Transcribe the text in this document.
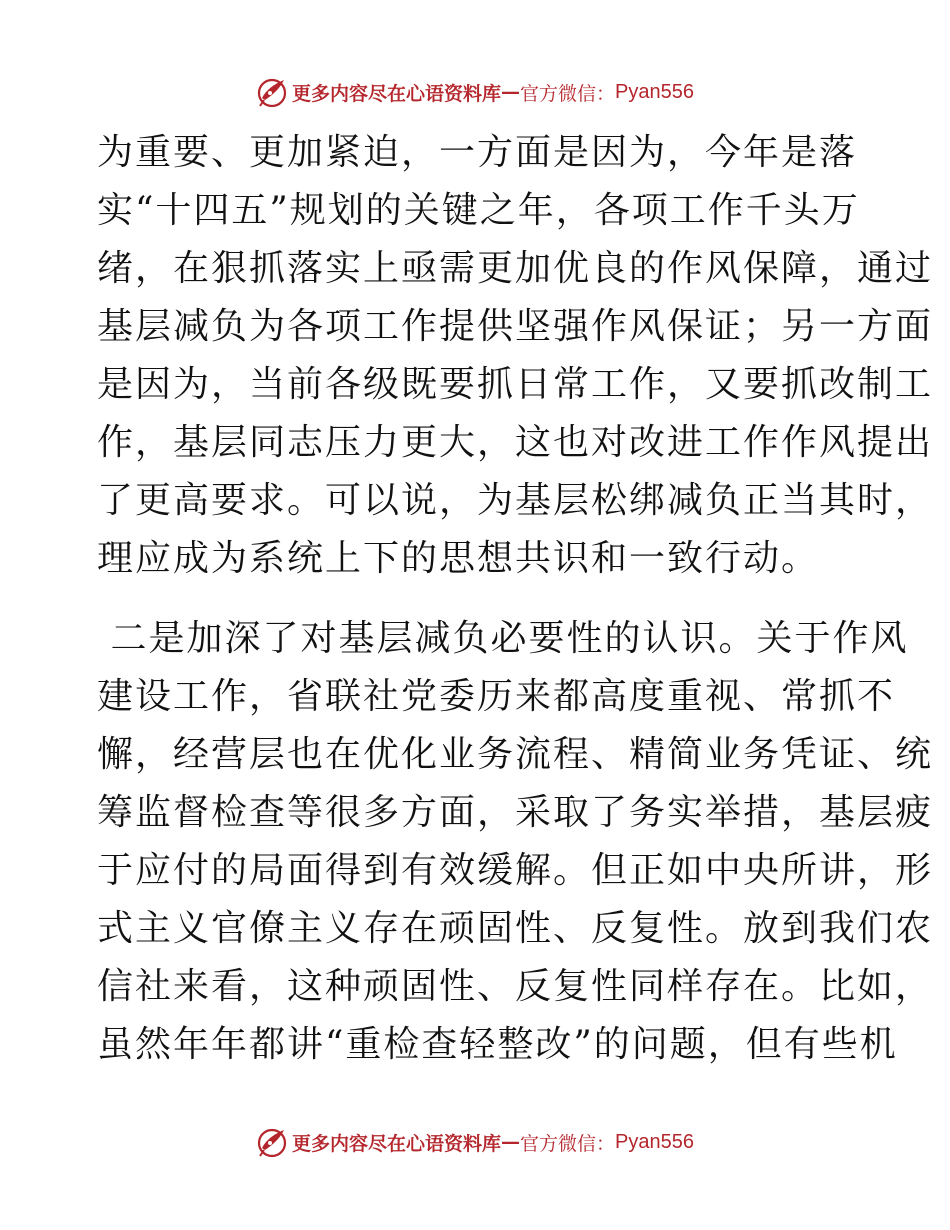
更多内容尽在心语资料库 — 官方微信： Pyan556
为重要、更加紧迫，一方面是因为，今年是落
实“十四五”规划的关键之年，各项工作千头万
绪，在狠抓落实上亟需更加优良的作风保障，通过
基层减负为各项工作提供坚强作风保证；另一方面
是因为，当前各级既要抓日常工作，又要抓改制工
作，基层同志压力更大，这也对改进工作作风提出
了更高要求。可以说，为基层松绑减负正当其时，
理应成为系统上下的思想共识和一致行动。
二是加深了对基层减负必要性的认识。关于作风
建设工作，省联社党委历来都高度重视、常抓不
懈，经营层也在优化业务流程、精简业务凭证、统
筹监督检查等很多方面，采取了务实举措，基层疲
于应付的局面得到有效缓解。但正如中央所讲，形
式主义官僚主义存在顽固性、反复性。放到我们农
信社来看，这种顽固性、反复性同样存在。比如，
虽然年年都讲“重检查轻整改”的问题，但有些机
更多内容尽在心语资料库 — 官方微信： Pyan556
